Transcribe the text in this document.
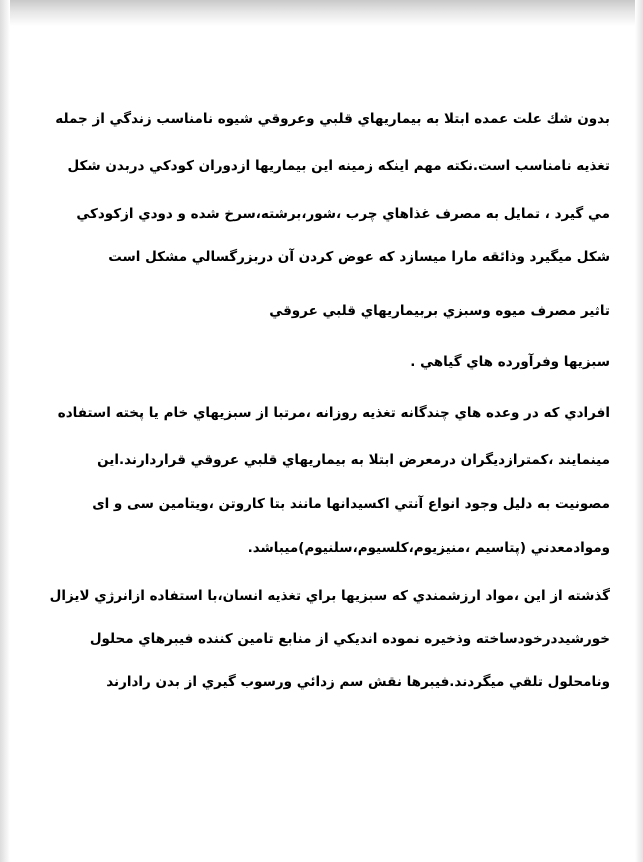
بدون شك علت عمده ابتلا به بيماريهاي قلبي وعروقي شيوه نامناسب زندگي از جمله
تغذيه نامناسب است.نكته مهم اينكه زمينه اين بيماريها ازدوران كودكي دربدن شكل
مي گيرد ، تمايل به مصرف غذاهاي چرب ،شور،برشته،سرخ شده و دودي ازكودكي
شكل ميگيرد وذائقه مارا ميسازد كه عوض كردن آن دربزرگسالي مشكل است
تاثير مصرف ميوه وسبزي بربيماريهاي قلبي عروقي
سبزيها وفرآورده هاي گياهي .
افرادي كه در وعده هاي چندگانه تغذيه روزانه ،مرتبا از سبزيهاي خام يا پخته استفاده
مينمايند ،كمترازديگران درمعرض ابتلا به بيماريهاي قلبي عروقي قراردارند.اين
مصونيت به دليل وجود انواع آنتي اكسيدانها مانند بتا كاروتن ،ويتامين سی و ای
وموادمعدني (پتاسيم ،منيزيوم،كلسيوم،سلنيوم)ميباشد.
گذشته از اين ،مواد ارزشمندي كه سبزيها براي تغذيه انسان،با استفاده ازانرژي لايزال
خورشيددرخودساخته وذخيره نموده انديكي از منابع تامين كننده فيبرهاي محلول
ونامحلول تلقي ميگردند.فيبرها نقش سم زدائي ورسوب گيري از بدن رادارند
